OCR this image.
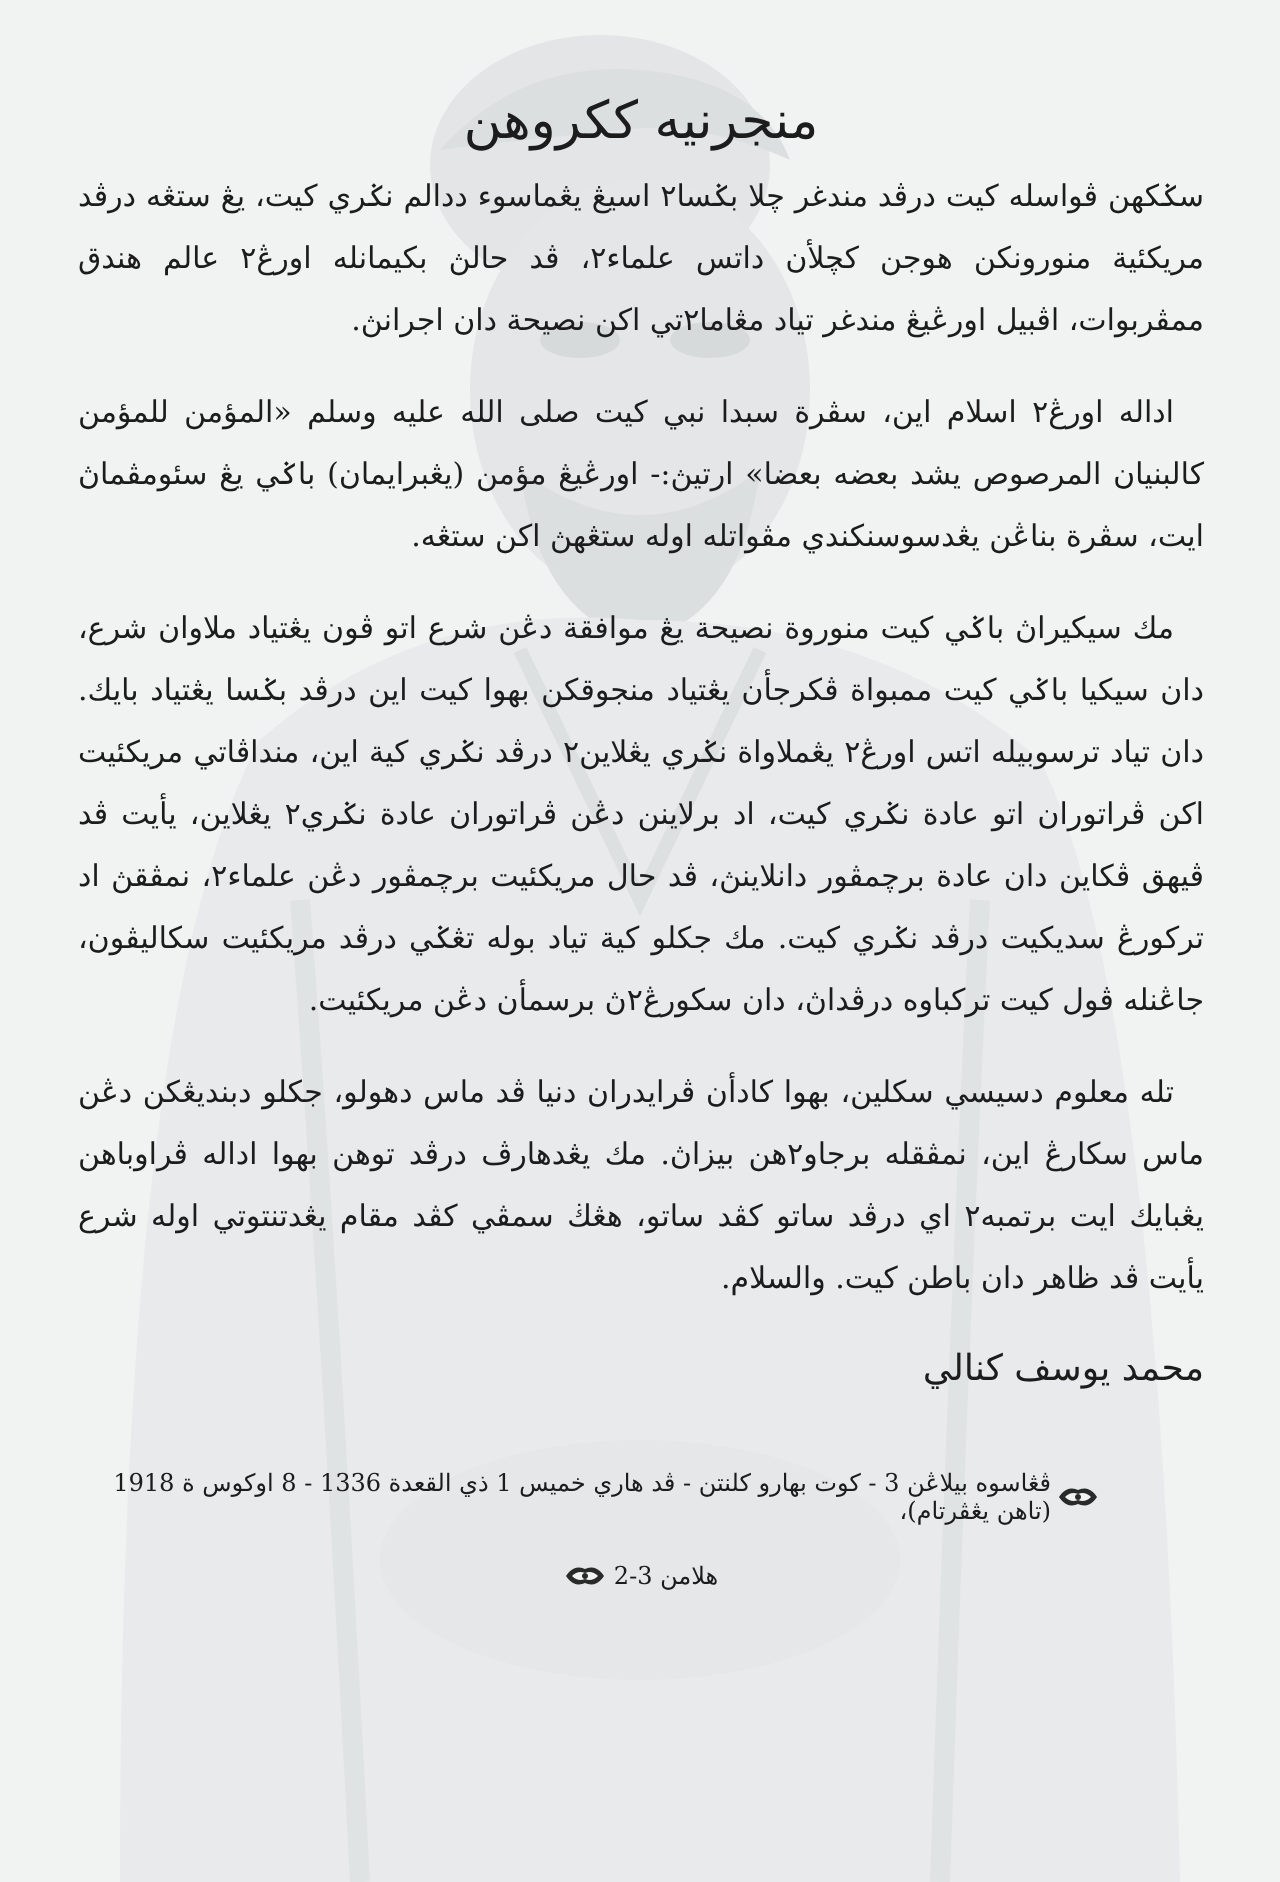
منجرنيه ككروهن

سݢكهن ڤواسله كيت درڤد مندغر چلا بݢسا٢ اسيڠ يڠماسوء ددالم نݢري كيت، يڠ ستڠه درڤد مريكئية منورونكن هوجن كچلأن داتس علماء٢، ڤد حالڽ بكيمانله اورڠ٢ عالم هندق ممڤربوات، اڤبيل اورڠيڠ مندغر تياد مڠاما٢تي اكن نصيحة دان اجرانڽ.

اداله اورڠ٢ اسلام اين، سڤرة سبدا نبي كيت صلى الله عليه وسلم «المؤمن للمؤمن كالبنيان المرصوص يشد بعضه بعضا» ارتيڽ:- اورڠيڠ مؤمن (يڠبرايمان) باݢي يڠ سئومڤماڽ ايت، سڤرة بناڠن يڠدسوسنكندي مڤواتله اوله ستڠهڽ اكن ستڠه.

مك سيكيراڽ باݢي كيت منوروة نصيحة يڠ موافقة دڠن شرع اتو ڤون يڠتياد ملاوان شرع، دان سيكيا باݢي كيت ممبواة ڤكرجأن يڠتياد منجوقكن بهوا كيت اين درڤد بݢسا يڠتياد بايك. دان تياد ترسوبيله اتس اورڠ٢ يڠملاواة نݢري يڠلاين٢ درڤد نݢري كية اين، منداڤاتي مريكئيت اكن ڤراتوران اتو عادة نݢري كيت، اد برلاينن دڠن ڤراتوران عادة نݢري٢ يڠلاين، يأيت ڤد ڤيهق ڤكاين دان عادة برچمڤور دانلاينڽ، ڤد حال مريكئيت برچمڤور دڠن علماء٢، نمڤقڽ اد تركورڠ سديكيت درڤد نݢري كيت. مك جكلو كية تياد بوله تڠݢي درڤد مريكئيت سكاليڤون، جاڠنله ڤول كيت تركباوه درڤداڽ، دان سكورڠ٢ڽ برسمأن دڠن مريكئيت.

تله معلوم دسيسي سكلين، بهوا كادأن ڤرايدران دنيا ڤد ماس دهولو، جكلو دبنديڠكن دڠن ماس سكارڠ اين، نمڤقله برجاو٢هن بيزاڽ. مك يڠدهارڤ درڤد توهن بهوا اداله ڤراوباهن يڠبايك ايت برتمبه٢ اي درڤد ساتو كڤد ساتو، هڠڬ سمڤي كڤد مقام يڠدتنتوتي اوله شرع يأيت ڤد ظاهر دان باطن كيت. والسلام.

محمد يوسف كنالي
ڤڠاسوه بيلاڠن 3 - كوت بهارو كلنتن - ڤد هاري خميس 1 ذي القعدة 1336 - 8 اوكوس ة 1918 (تاهن يڠڤرتام)،
هلامن 3-2
